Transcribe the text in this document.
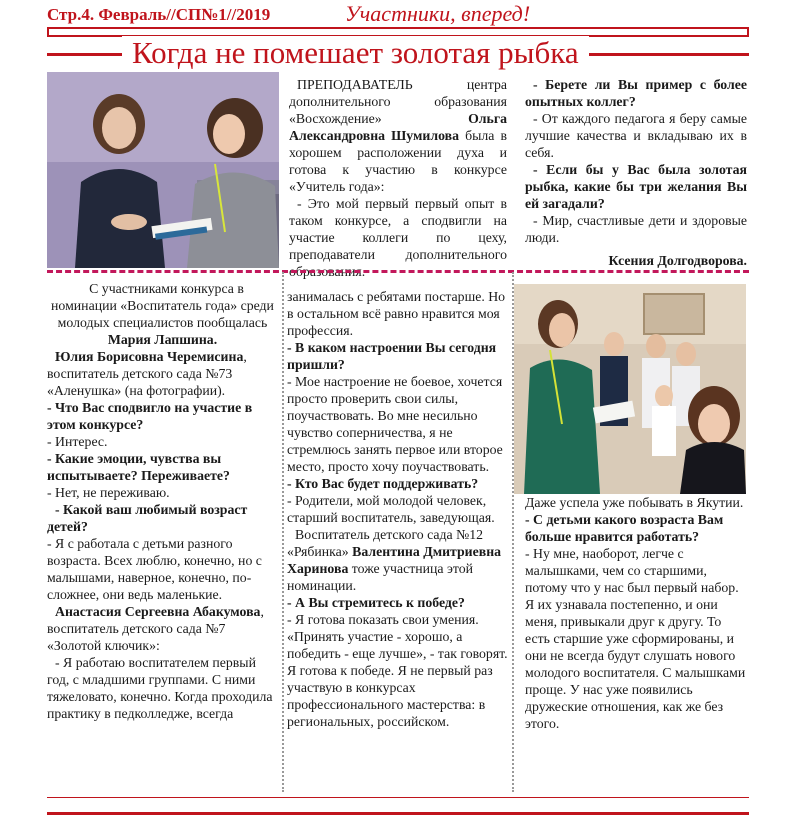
Стр.4. Февраль//СП№1//2019	Участники, вперед!
Когда не помешает золотая рыбка

ПРЕПОДАВАТЕЛЬ центра дополнительного образования «Восхождение» Ольга Александровна Шумилова была в хорошем расположении духа и готова к участию в конкурсе «Учитель года»:

- Это мой первый первый опыт в таком конкурсе, а сподвигли на участие коллеги по цеху, преподаватели дополнительного образования.

- Берете ли Вы пример с более опытных коллег?

- От каждого педагога я беру самые лучшие качества и вкладываю их в себя.

- Если бы у Вас была золотая рыбка, какие бы три желания Вы ей загадали?

- Мир, счастливые дети и здоровые люди.

Ксения Долгодворова.

С участниками конкурса в номинации «Воспитатель года» среди молодых специалистов пообщалась Мария Лапшина.

Юлия Борисовна Черемисина, воспитатель детского сада №73 «Аленушка» (на фотографии).

- Что Вас сподвигло на участие в этом конкурсе?

- Интерес.

- Какие эмоции, чувства вы испытываете? Переживаете?

- Нет, не переживаю.

- Какой ваш любимый возраст детей?

- Я с работала с детьми разного возраста. Всех люблю, конечно, но с малышами, наверное, конечно, по-сложнее, они ведь маленькие.

Анастасия Сергеевна Абакумова, воспитатель детского сада №7 «Золотой ключик»:

- Я работаю воспитателем первый год, с младшими группами. С ними тяжеловато, конечно. Когда проходила практику в педколледже, всегда

занималась с ребятами постарше. Но в остальном всё равно нравится моя профессия.

- В каком настроении Вы сегодня пришли?

- Мое настроение не боевое, хочется просто проверить свои силы, поучаствовать. Во мне несильно чувство соперничества, я не стремлюсь занять первое или второе место, просто хочу поучаствовать.

- Кто Вас будет поддерживать?

- Родители, мой молодой человек, старший воспитатель, заведующая.

Воспитатель детского сада №12 «Рябинка» Валентина Дмитриевна Харинова тоже участница этой номинации.

- А Вы стремитесь к победе?

- Я готова показать свои умения. «Принять участие - хорошо, а победить - еще лучше», - так говорят. Я готова к победе. Я не первый раз участвую в конкурсах профессионального мастерства: в региональных, российском.

Даже успела уже побывать в Якутии.

- С детьми какого возраста Вам больше нравится работать?

- Ну мне, наоборот, легче с малышками, чем со старшими, потому что у нас был первый набор. Я их узнавала постепенно, и они меня, привыкали друг к другу. То есть старшие уже сформированы, и они не всегда будут слушать нового молодого воспитателя. С малышками проще. У нас уже появились дружеские отношения, как же без этого.
